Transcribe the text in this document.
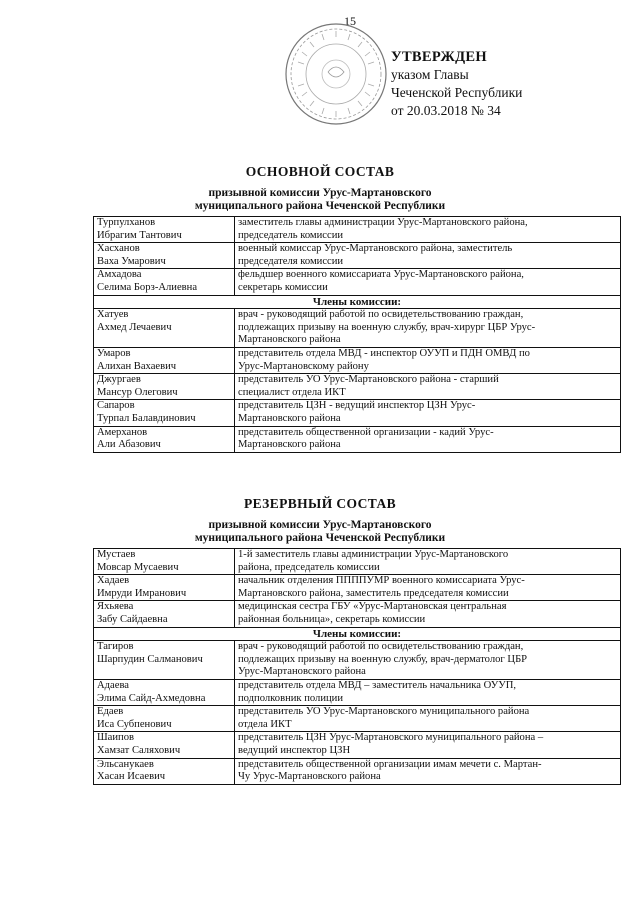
15
УТВЕРЖДЕН
указом Главы
Чеченской Республики
от 20.03.2018 № 34
ОСНОВНОЙ СОСТАВ
призывной комиссии Урус-Мартановского
муниципального района Чеченской Республики
Турпулханов
Ибрагим Тантович	заместитель главы администрации Урус-Мартановского района,
председатель комиссии

Хасханов
Ваха Умарович	военный комиссар Урус-Мартановского района, заместитель
председателя комиссии

Амхадова
Селима Борз-Алиевна	фельдшер военного комиссариата Урус-Мартановского района,
секретарь комиссии

Члены комиссии:	

Хатуев
Ахмед Лечаевич	врач - руководящий работой по освидетельствованию граждан,
подлежащих призыву на военную службу, врач-хирург ЦБР Урус-
Мартановского района

Умаров
Алихан Вахаевич	представитель отдела МВД - инспектор ОУУП и ПДН ОМВД по
Урус-Мартановскому району

Джургаев
Мансур Олегович	представитель УО Урус-Мартановского района - старший
специалист отдела ИКТ

Сапаров
Турпал Балавдинович	представитель ЦЗН - ведущий инспектор ЦЗН Урус-
Мартановского района

Амерханов
Али Абазович	представитель общественной организации - кадий Урус-
Мартановского района
РЕЗЕРВНЫЙ СОСТАВ
призывной комиссии Урус-Мартановского
муниципального района Чеченской Республики
Мустаев
Мовсар Мусаевич	1-й заместитель главы администрации Урус-Мартановского
района, председатель комиссии

Хадаев
Имруди Имранович	начальник отделения ППППУМР военного комиссариата Урус-
Мартановского района, заместитель председателя комиссии

Яхьяева
Забу Сайдаевна	медицинская сестра ГБУ «Урус-Мартановская центральная
районная больница», секретарь комиссии

Члены комиссии:	

Тагиров
Шарпудин Салманович	врач - руководящий работой по освидетельствованию граждан,
подлежащих призыву на военную службу, врач-дерматолог ЦБР
Урус-Мартановского района

Адаева
Элима Сайд-Ахмедовна	представитель отдела МВД – заместитель начальника ОУУП,
подполковник полиции

Едаев
Иса Субпенович	представитель УО Урус-Мартановского муниципального района
отдела ИКТ

Шаипов
Хамзат Саляхович	представитель ЦЗН Урус-Мартановского муниципального района –
ведущий инспектор ЦЗН

Эльсанукаев
Хасан Исаевич	представитель общественной организации имам мечети с. Мартан-
Чу Урус-Мартановского района
